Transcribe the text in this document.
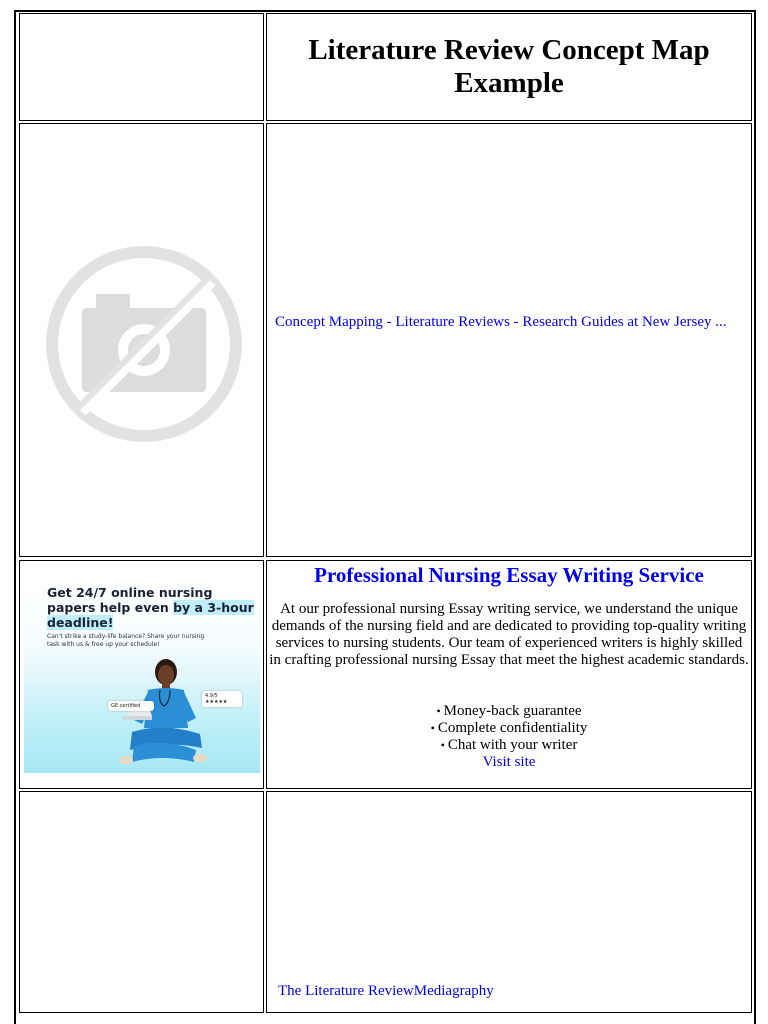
Literature Review Concept Map Example
Concept Mapping - Literature Reviews - Research Guides at New Jersey ...
Get 24/7 online nursing papers help even by a 3-hour deadline!
Can't strike a study-life balance? Share your nursing task with us & free up your schedule!
GE certified
4.9/5 ★★★★★
Professional Nursing Essay Writing Service
At our professional nursing Essay writing service, we understand the unique demands of the nursing field and are dedicated to providing top-quality writing services to nursing students. Our team of experienced writers is highly skilled in crafting professional nursing Essay that meet the highest academic standards.
• Money-back guarantee
• Complete confidentiality
• Chat with your writer
Visit site
The Literature ReviewMediagraphy
